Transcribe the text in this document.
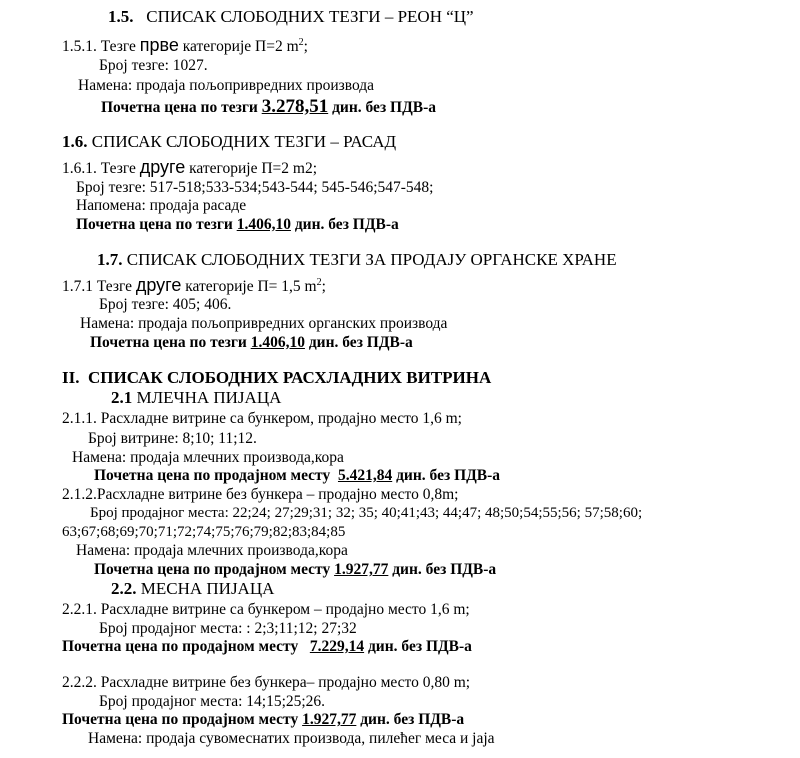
1.5. СПИСАК СЛОБОДНИХ ТЕЗГИ – РЕОН “Ц”
1.5.1. Тезге прве категорије П=2 $m^2$;
Број тезге: 1027.
Намена: продаја пољопривредних производа
Почетна цена по тезги 3.278,51 дин. без ПДВ-а
1.6. СПИСАК СЛОБОДНИХ ТЕЗГИ – РАСАД
1.6.1. Тезге друге категорије П=2 m2;
Број тезге: 517-518;533-534;543-544; 545-546;547-548;
Напомена: продаја расаде
Почетна цена по тезги 1.406,10 дин. без ПДВ-а
1.7. СПИСАК СЛОБОДНИХ ТЕЗГИ ЗА ПРОДАЈУ ОРГАНСКЕ ХРАНЕ
1.7.1 Тезге друге категорије П= 1,5 $m^2$;
Број тезге: 405; 406.
Намена: продаја пољопривредних органских производа
Почетна цена по тезги 1.406,10 дин. без ПДВ-а
II. СПИСАК СЛОБОДНИХ РАСХЛАДНИХ ВИТРИНА
2.1 МЛЕЧНА ПИЈАЦА
2.1.1. Расхладне витрине са бункером, продајно место 1,6 m;
Број витрине: 8;10; 11;12.
Намена: продаја млечних производа,кора
Почетна цена по продајном месту 5.421,84 дин. без ПДВ-а
2.1.2.Расхладне витрине без бункера – продајно место 0,8m;
Број продајног места: 22;24; 27;29;31; 32; 35; 40;41;43; 44;47; 48;50;54;55;56; 57;58;60;
63;67;68;69;70;71;72;74;75;76;79;82;83;84;85
Намена: продаја млечних производа,кора
Почетна цена по продајном месту 1.927,77 дин. без ПДВ-а
2.2. МЕСНА ПИЈАЦА
2.2.1. Расхладне витрине са бункером – продајно место 1,6 m;
Број продајног места: : 2;3;11;12; 27;32
Почетна цена по продајном месту 7.229,14 дин. без ПДВ-а
2.2.2. Расхладне витрине без бункера– продајно место 0,80 m;
Број продајног места: 14;15;25;26.
Почетна цена по продајном месту 1.927,77 дин. без ПДВ-а
Намена: продаја сувомеснатих производа, пилећег меса и јаја
